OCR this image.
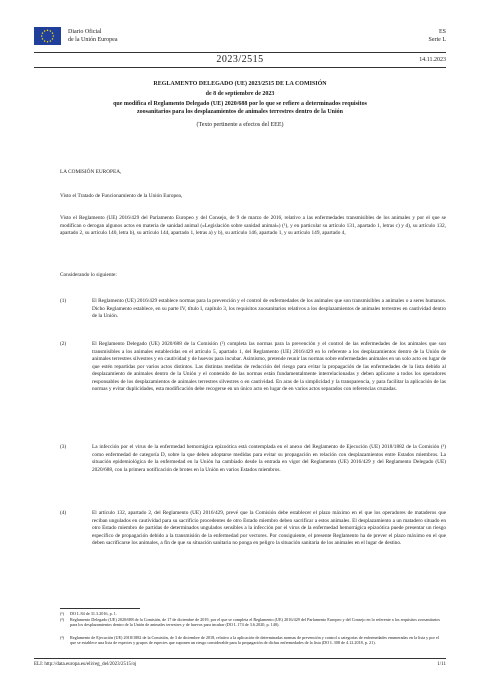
Diario Oficial
de la Unión Europea
ES
Serie L
2023/2515	14.11.2023
REGLAMENTO DELEGADO (UE) 2023/2515 DE LA COMISIÓN
de 8 de septiembre de 2023
que modifica el Reglamento Delegado (UE) 2020/688 por lo que se refiere a determinados requisitos
zoosanitarios para los desplazamientos de animales terrestres dentro de la Unión
(Texto pertinente a efectos del EEE)

LA COMISIÓN EUROPEA,

Visto el Tratado de Funcionamiento de la Unión Europea,

Visto el Reglamento (UE) 2016/429 del Parlamento Europeo y del Consejo, de 9 de marzo de 2016, relativo a las enfermedades transmisibles de los animales y por el que se modifican o derogan algunos actos en materia de sanidad animal («Legislación sobre sanidad animal») (¹), y en particular su artículo 131, apartado 1, letras c) y d), su artículo 132, apartado 2, su artículo 140, letra b), su artículo 144, apartado 1, letras a) y b), su artículo 146, apartado 1, y su artículo 149, apartado 4,

Considerando lo siguiente:

(1)	El Reglamento (UE) 2016/429 establece normas para la prevención y el control de enfermedades de los animales que son transmisibles a animales o a seres humanos. Dicho Reglamento establece, en su parte IV, título I, capítulo 3, los requisitos zoosanitarios relativos a los desplazamientos de animales terrestres en cautividad dentro de la Unión.

(2)	El Reglamento Delegado (UE) 2020/688 de la Comisión (²) completa las normas para la prevención y el control de las enfermedades de los animales que son transmisibles a los animales establecidas en el artículo 5, apartado 1, del Reglamento (UE) 2016/429 en lo referente a los desplazamientos dentro de la Unión de animales terrestres silvestres y en cautividad y de huevos para incubar. Asimismo, pretende reunir las normas sobre enfermedades animales en un solo acto en lugar de que estén repartidas por varios actos distintos. Las distintas medidas de reducción del riesgo para evitar la propagación de las enfermedades de la lista debido al desplazamiento de animales dentro de la Unión y el contenido de las normas están fundamentalmente interrelacionadas y deben aplicarse a todos los operadores responsables de los desplazamientos de animales terrestres silvestres o en cautividad. En aras de la simplicidad y la transparencia, y para facilitar la aplicación de las normas y evitar duplicidades, esta modificación debe recogerse en un único acto en lugar de en varios actos separados con referencias cruzadas.

(3)	La infección por el virus de la enfermedad hemorrágica epizoótica está contemplada en el anexo del Reglamento de Ejecución (UE) 2018/1882 de la Comisión (³) como enfermedad de categoría D, sobre la que deben adoptarse medidas para evitar su propagación en relación con desplazamientos entre Estados miembros. La situación epidemiológica de la enfermedad en la Unión ha cambiado desde la entrada en vigor del Reglamento (UE) 2016/429 y del Reglamento Delegado (UE) 2020/688, con la primera notificación de brotes en la Unión en varios Estados miembros.

(4)	El artículo 132, apartado 2, del Reglamento (UE) 2016/429, prevé que la Comisión debe establecer el plazo máximo en el que los operadores de mataderos que reciban ungulados en cautividad para su sacrificio procedentes de otro Estado miembro deben sacrificar a estos animales. El desplazamiento a un matadero situado en otro Estado miembro de partidas de determinados ungulados sensibles a la infección por el virus de la enfermedad hemorrágica epizoótica puede presentar un riesgo específico de propagación debido a la transmisión de la enfermedad por vectores. Por consiguiente, el presente Reglamento ha de prever el plazo máximo en el que deben sacrificarse los animales, a fin de que su situación sanitaria no ponga en peligro la situación sanitaria de los animales en el lugar de destino.

(¹) DO L 84 de 31.3.2016, p. 1.
(²) Reglamento Delegado (UE) 2020/688 de la Comisión, de 17 de diciembre de 2019, por el que se completa el Reglamento (UE) 2016/429 del Parlamento Europeo y del Consejo en lo referente a los requisitos zoosanitarios para los desplazamientos dentro de la Unión de animales terrestres y de huevos para incubar (DO L 174 de 3.6.2020, p. 140).
(³) Reglamento de Ejecución (UE) 2018/1882 de la Comisión, de 3 de diciembre de 2018, relativo a la aplicación de determinadas normas de prevención y control a categorías de enfermedades enumeradas en la lista y por el que se establece una lista de especies y grupos de especies que suponen un riesgo considerable para la propagación de dichas enfermedades de la lista (DO L 308 de 4.12.2018, p. 21).
ELI: http://data.europa.eu/eli/reg_del/2023/2515/oj	1/11
